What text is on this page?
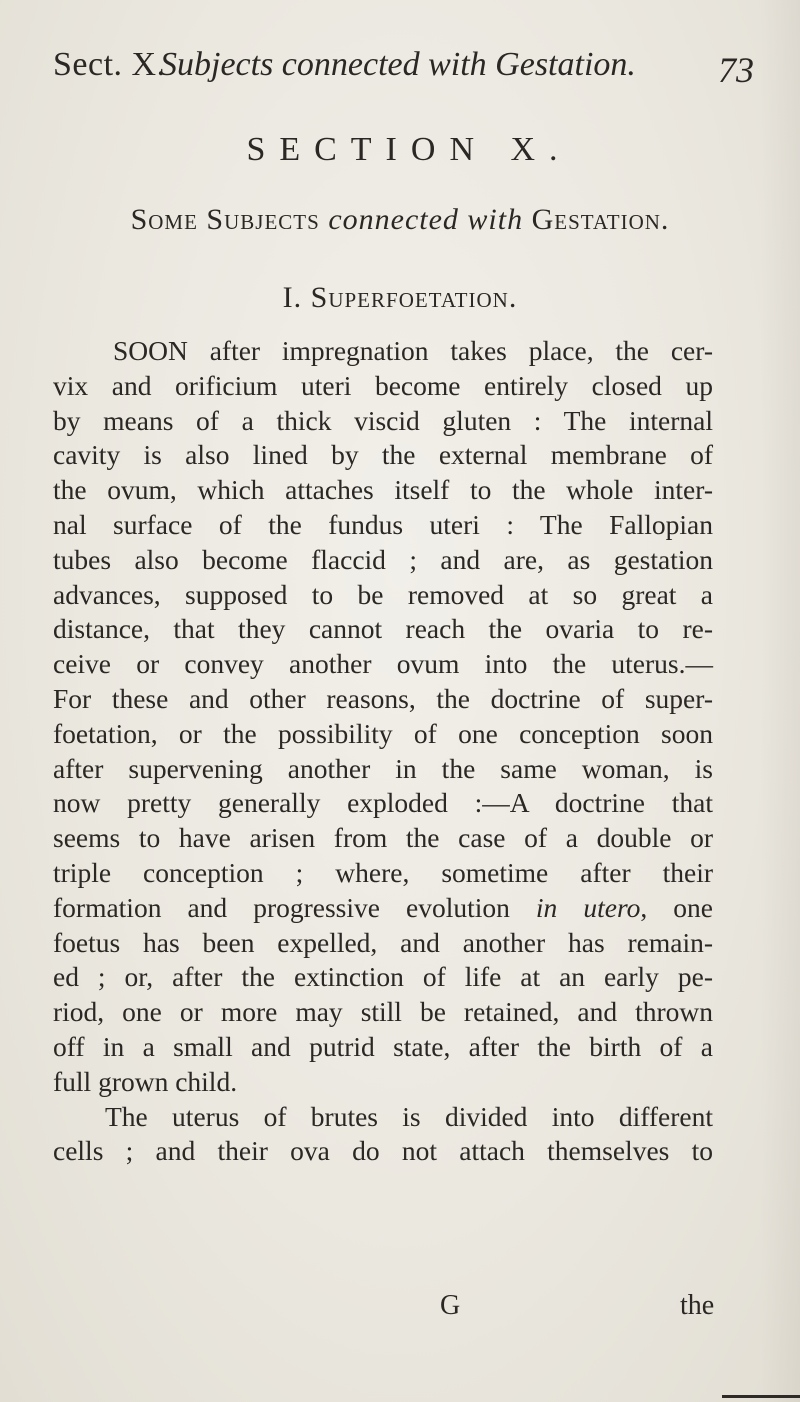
Sect. X.
Subjects connected with Gestation. 73
SECTION X.
Some Subjects connected with Gestation.
I. Superfoetation.
SOON after impregnation takes place, the cer-
vix and orificium uteri become entirely closed up
by means of a thick viscid gluten : The internal
cavity is also lined by the external membrane of
the ovum, which attaches itself to the whole inter-
nal surface of the fundus uteri : The Fallopian
tubes also become flaccid ; and are, as gestation
advances, supposed to be removed at so great a
distance, that they cannot reach the ovaria to re-
ceive or convey another ovum into the uterus.—
For these and other reasons, the doctrine of super-
foetation, or the possibility of one conception soon
after supervening another in the same woman, is
now pretty generally exploded :—A doctrine that
seems to have arisen from the case of a double or
triple conception ; where, sometime after their
formation and progressive evolution in utero, one
foetus has been expelled, and another has remain-
ed ; or, after the extinction of life at an early pe-
riod, one or more may still be retained, and thrown
off in a small and putrid state, after the birth of a
full grown child.
The uterus of brutes is divided into different
cells ; and their ova do not attach themselves to
G	the
